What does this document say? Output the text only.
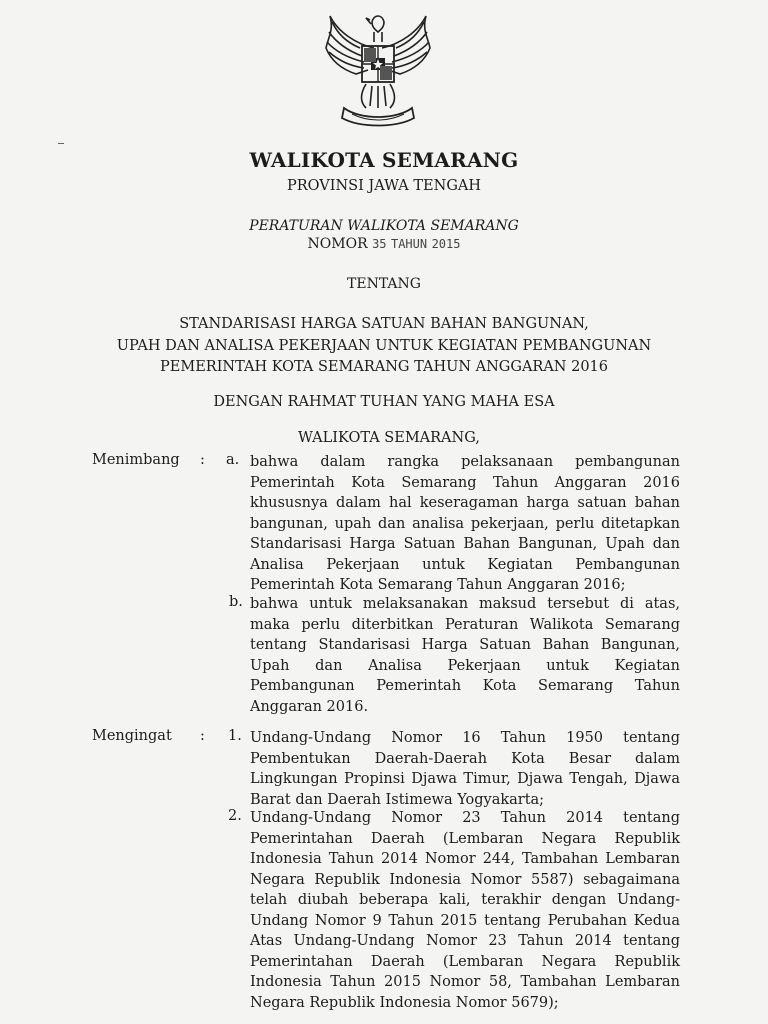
WALIKOTA SEMARANG
PROVINSI JAWA TENGAH
PERATURAN WALIKOTA SEMARANG
NOMOR 35 TAHUN 2015
TENTANG
STANDARISASI HARGA SATUAN BAHAN BANGUNAN,
UPAH DAN ANALISA PEKERJAAN UNTUK KEGIATAN PEMBANGUNAN
PEMERINTAH KOTA SEMARANG TAHUN ANGGARAN 2016
DENGAN RAHMAT TUHAN YANG MAHA ESA
WALIKOTA SEMARANG,
Menimbang : a. bahwa dalam rangka pelaksanaan pembangunan
Pemerintah Kota Semarang Tahun Anggaran 2016
khususnya dalam hal keseragaman harga satuan bahan
bangunan, upah dan analisa pekerjaan, perlu ditetapkan
Standarisasi Harga Satuan Bahan Bangunan, Upah dan
Analisa Pekerjaan untuk Kegiatan Pembangunan
Pemerintah Kota Semarang Tahun Anggaran 2016;
b. bahwa untuk melaksanakan maksud tersebut di atas,
maka perlu diterbitkan Peraturan Walikota Semarang
tentang Standarisasi Harga Satuan Bahan Bangunan,
Upah dan Analisa Pekerjaan untuk Kegiatan
Pembangunan Pemerintah Kota Semarang Tahun
Anggaran 2016.
Mengingat : 1. Undang-Undang Nomor 16 Tahun 1950 tentang
Pembentukan Daerah-Daerah Kota Besar dalam
Lingkungan Propinsi Djawa Timur, Djawa Tengah, Djawa
Barat dan Daerah Istimewa Yogyakarta;
2. Undang-Undang Nomor 23 Tahun 2014 tentang
Pemerintahan Daerah (Lembaran Negara Republik
Indonesia Tahun 2014 Nomor 244, Tambahan Lembaran
Negara Republik Indonesia Nomor 5587) sebagaimana
telah diubah beberapa kali, terakhir dengan Undang-
Undang Nomor 9 Tahun 2015 tentang Perubahan Kedua
Atas Undang-Undang Nomor 23 Tahun 2014 tentang
Pemerintahan Daerah (Lembaran Negara Republik
Indonesia Tahun 2015 Nomor 58, Tambahan Lembaran
Negara Republik Indonesia Nomor 5679);
